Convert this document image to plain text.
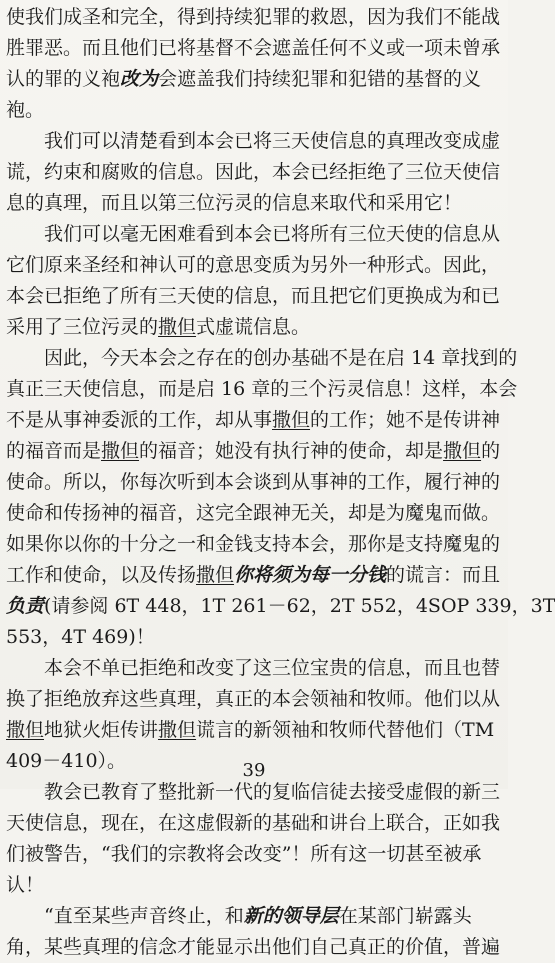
使我们成圣和完全，得到持续犯罪的救恩，因为我们不能战
胜罪恶。而且他们已将基督不会遮盖任何不义或一项未曾承
认的罪的义袍改为会遮盖我们持续犯罪和犯错的基督的义
袍。
我们可以清楚看到本会已将三天使信息的真理改变成虚
谎，约束和腐败的信息。因此，本会已经拒绝了三位天使信
息的真理，而且以第三位污灵的信息来取代和采用它！
我们可以毫无困难看到本会已将所有三位天使的信息从
它们原来圣经和神认可的意思变质为另外一种形式。因此，
本会已拒绝了所有三天使的信息，而且把它们更换成为和已
采用了三位污灵的撒但式虚谎信息。
因此，今天本会之存在的创办基础不是在启 14 章找到的
真正三天使信息，而是启 16 章的三个污灵信息！这样，本会
不是从事神委派的工作，却从事撒但的工作；她不是传讲神
的福音而是撒但的福音；她没有执行神的使命，却是撒但的
使命。所以，你每次听到本会谈到从事神的工作，履行神的
使命和传扬神的福音，这完全跟神无关，却是为魔鬼而做。
如果你以你的十分之一和金钱支持本会，那你是支持魔鬼的
工作和使命，以及传扬撒但你将须为每一分钱的谎言：而且
负责(请参阅 6T 448，1T 261－62，2T 552，4SOP 339，3T
553，4T 469)！
本会不单已拒绝和改变了这三位宝贵的信息，而且也替
换了拒绝放弃这些真理，真正的本会领袖和牧师。他们以从
撒但地狱火炬传讲撒但谎言的新领袖和牧师代替他们（TM
409－410）。
教会已教育了整批新一代的复临信徒去接受虚假的新三
天使信息，现在，在这虚假新的基础和讲台上联合，正如我
们被警告，“我们的宗教将会改变”！所有这一切甚至被承
认！
“直至某些声音终止，和新的领导层在某部门崭露头
角，某些真理的信念才能显示出他们自己真正的价值，普遍
39
